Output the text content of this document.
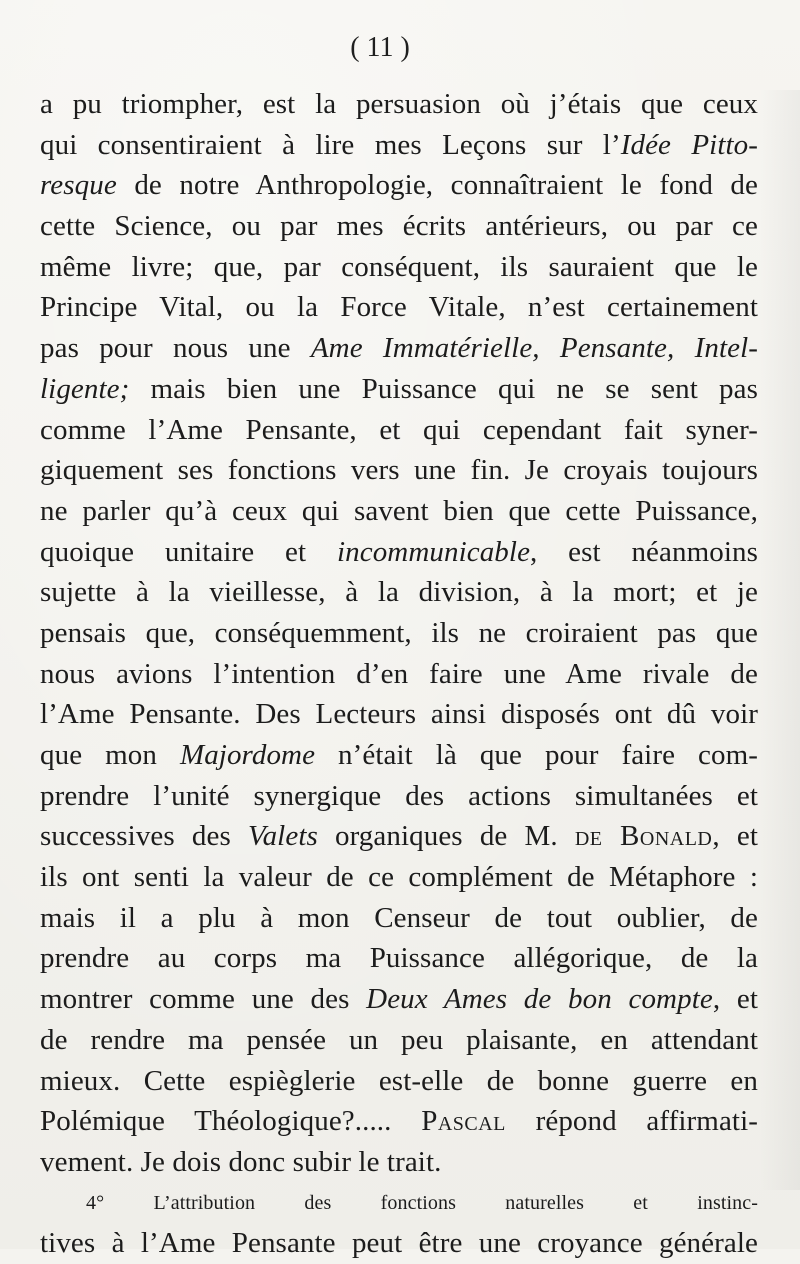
( 11 )
a pu triompher, est la persuasion où j’étais que ceux
qui consentiraient à lire mes Leçons sur l’Idée Pitto-
resque de notre Anthropologie, connaîtraient le fond de
cette Science, ou par mes écrits antérieurs, ou par ce
même livre; que, par conséquent, ils sauraient que le
Principe Vital, ou la Force Vitale, n’est certainement
pas pour nous une Ame Immatérielle, Pensante, Intel-
ligente; mais bien une Puissance qui ne se sent pas
comme l’Ame Pensante, et qui cependant fait syner-
giquement ses fonctions vers une fin. Je croyais toujours
ne parler qu’à ceux qui savent bien que cette Puissance,
quoique unitaire et incommunicable, est néanmoins
sujette à la vieillesse, à la division, à la mort; et je
pensais que, conséquemment, ils ne croiraient pas que
nous avions l’intention d’en faire une Ame rivale de
l’Ame Pensante. Des Lecteurs ainsi disposés ont dû voir
que mon Majordome n’était là que pour faire com-
prendre l’unité synergique des actions simultanées et
successives des Valets organiques de M. de Bonald, et
ils ont senti la valeur de ce complément de Métaphore :
mais il a plu à mon Censeur de tout oublier, de
prendre au corps ma Puissance allégorique, de la
montrer comme une des Deux Ames de bon compte, et
de rendre ma pensée un peu plaisante, en attendant
mieux. Cette espièglerie est-elle de bonne guerre en
Polémique Théologique?..... Pascal répond affirmati-
vement. Je dois donc subir le trait.
4° L’attribution des fonctions naturelles et instinc-
tives à l’Ame Pensante peut être une croyance générale
